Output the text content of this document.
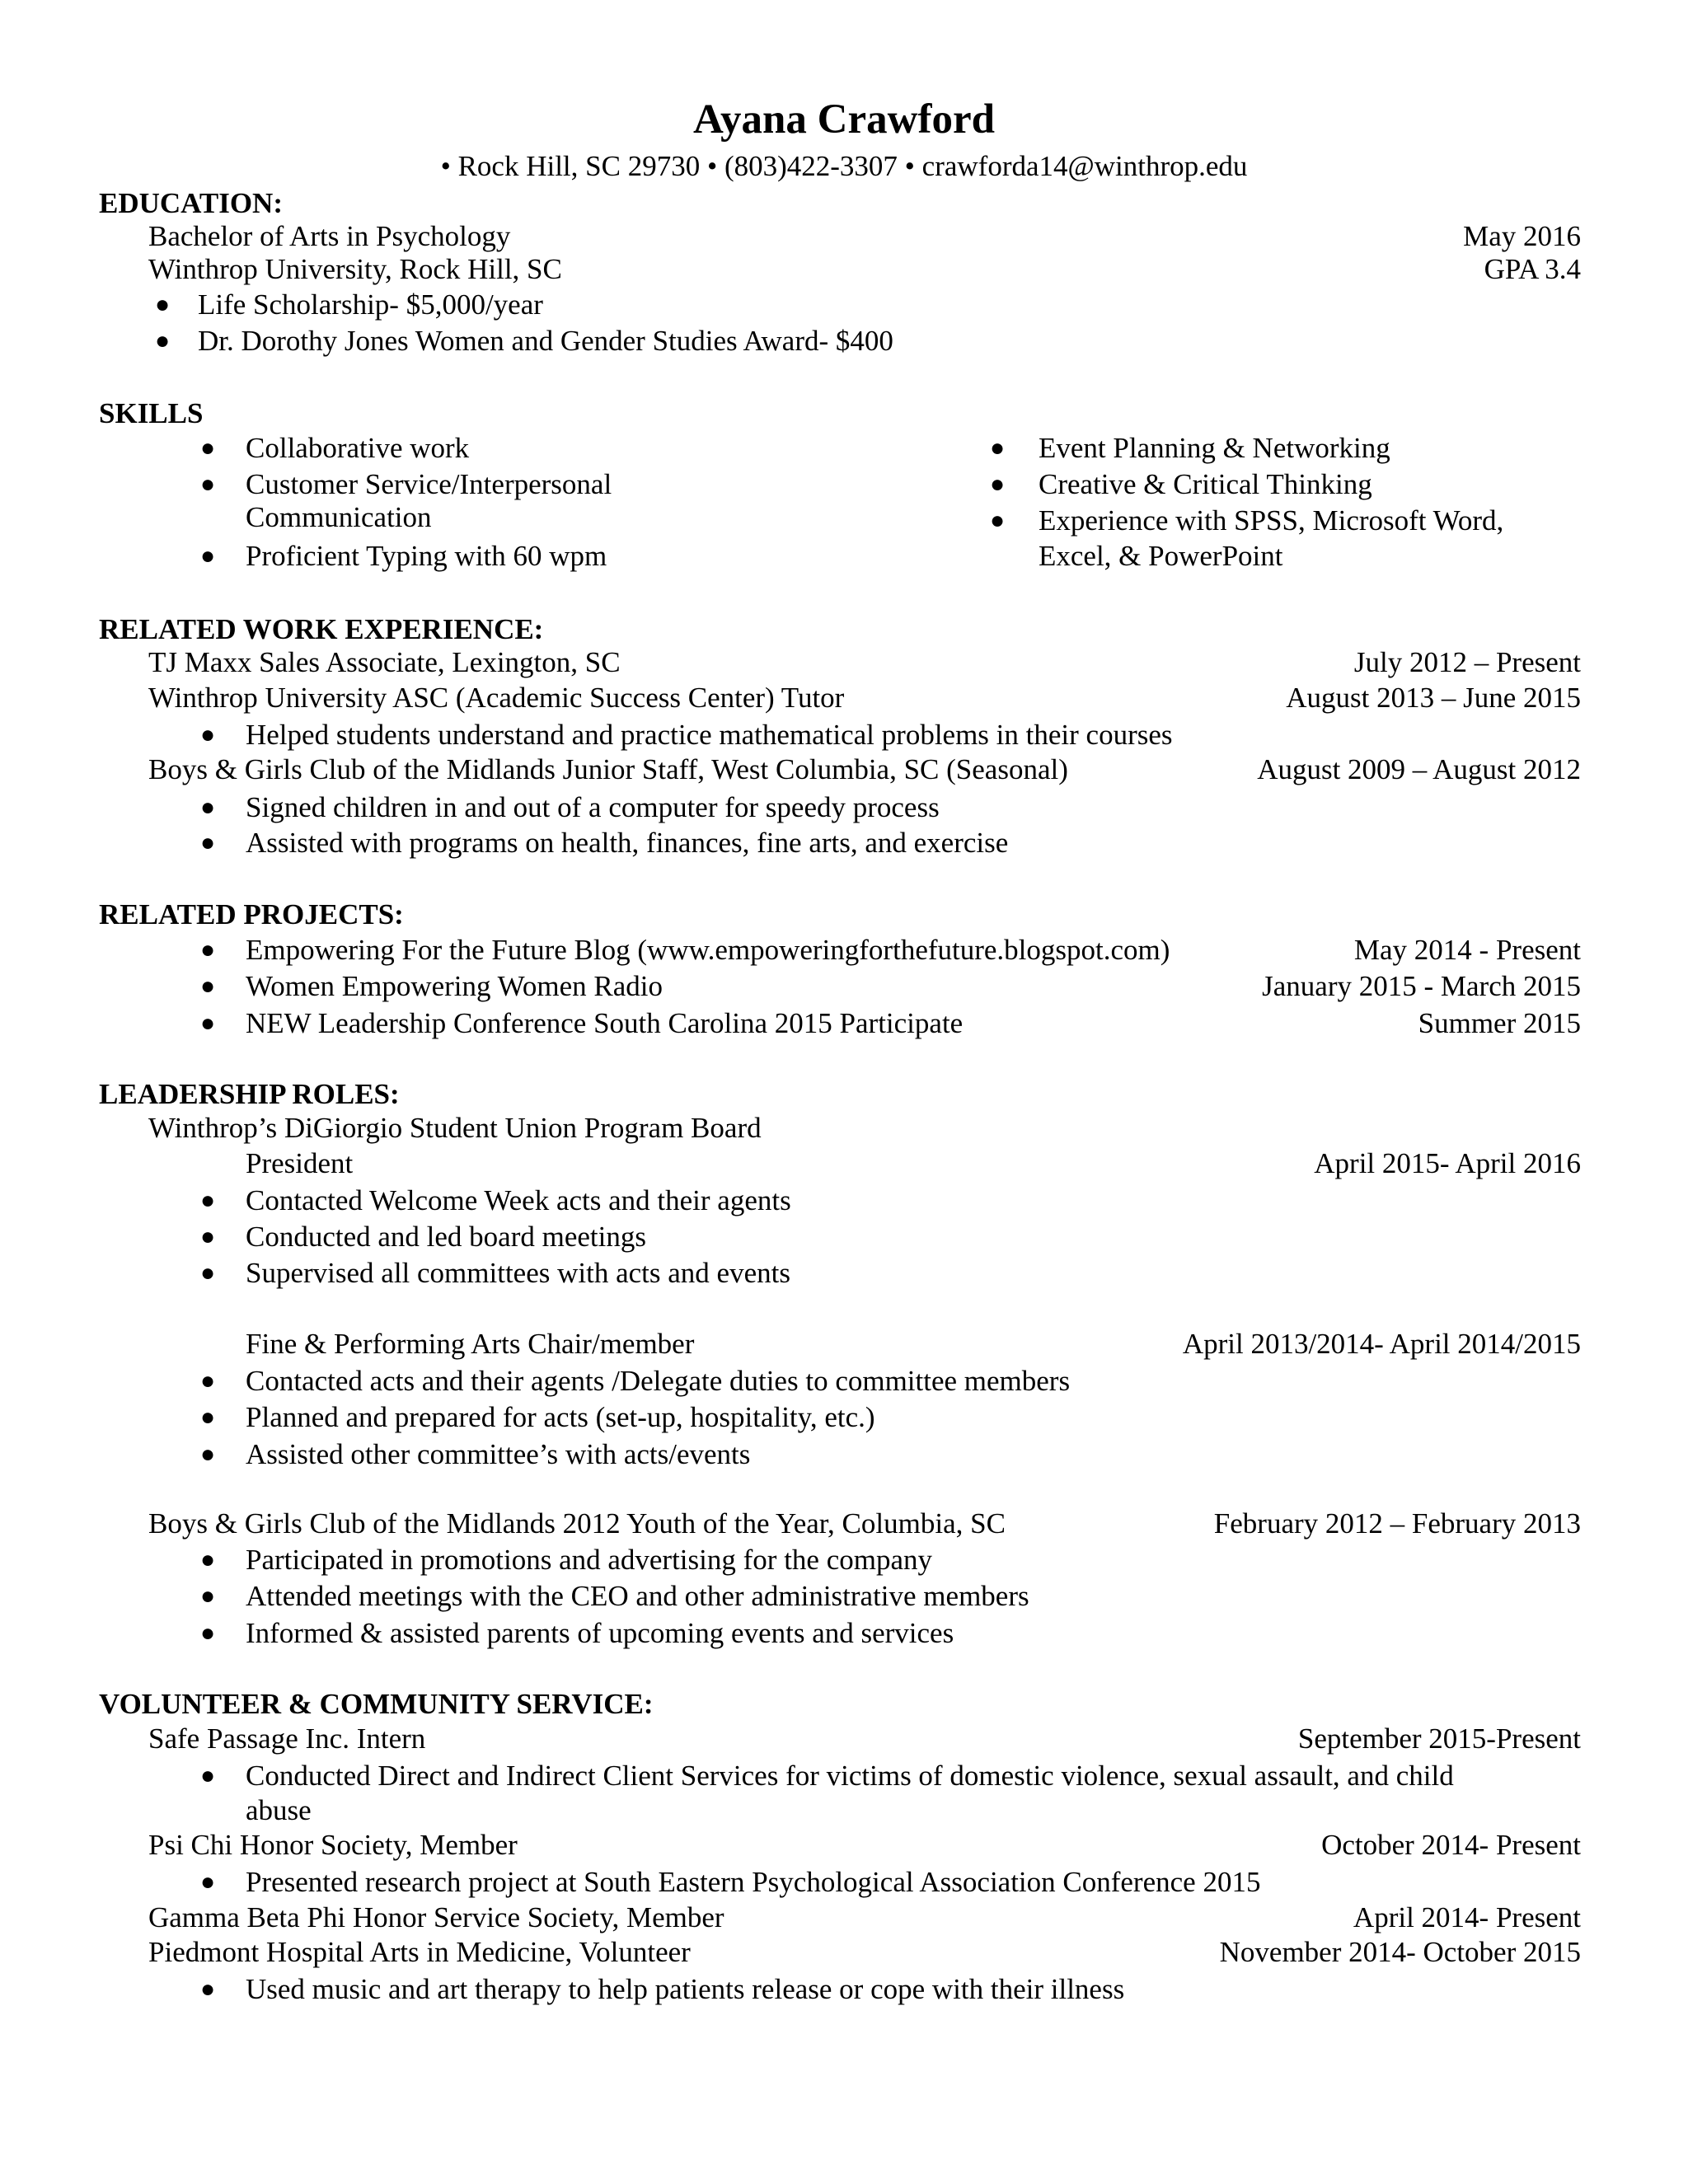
Ayana Crawford
• Rock Hill, SC 29730 • (803)422-3307 • crawforda14@winthrop.edu
EDUCATION:
Bachelor of Arts in Psychology	May 2016
Winthrop University, Rock Hill, SC	GPA 3.4
● Life Scholarship- $5,000/year
● Dr. Dorothy Jones Women and Gender Studies Award- $400
SKILLS
● Collaborative work
● Customer Service/Interpersonal
Communication
● Proficient Typing with 60 wpm
● Event Planning & Networking
● Creative & Critical Thinking
● Experience with SPSS, Microsoft Word,
Excel, & PowerPoint
RELATED WORK EXPERIENCE:
TJ Maxx Sales Associate, Lexington, SC	July 2012 – Present
Winthrop University ASC (Academic Success Center) Tutor	August 2013 – June 2015
● Helped students understand and practice mathematical problems in their courses
Boys & Girls Club of the Midlands Junior Staff, West Columbia, SC (Seasonal)	August 2009 – August 2012
● Signed children in and out of a computer for speedy process
● Assisted with programs on health, finances, fine arts, and exercise
RELATED PROJECTS:
● Empowering For the Future Blog (www.empoweringforthefuture.blogspot.com)	May 2014 - Present
● Women Empowering Women Radio	January 2015 - March 2015
● NEW Leadership Conference South Carolina 2015 Participate	Summer 2015
LEADERSHIP ROLES:
Winthrop’s DiGiorgio Student Union Program Board
President	April 2015- April 2016
● Contacted Welcome Week acts and their agents
● Conducted and led board meetings
● Supervised all committees with acts and events
Fine & Performing Arts Chair/member	April 2013/2014- April 2014/2015
● Contacted acts and their agents /Delegate duties to committee members
● Planned and prepared for acts (set-up, hospitality, etc.)
● Assisted other committee’s with acts/events
Boys & Girls Club of the Midlands 2012 Youth of the Year, Columbia, SC	February 2012 – February 2013
● Participated in promotions and advertising for the company
● Attended meetings with the CEO and other administrative members
● Informed & assisted parents of upcoming events and services
VOLUNTEER & COMMUNITY SERVICE:
Safe Passage Inc. Intern	September 2015-Present
● Conducted Direct and Indirect Client Services for victims of domestic violence, sexual assault, and child
abuse
Psi Chi Honor Society, Member	October 2014- Present
● Presented research project at South Eastern Psychological Association Conference 2015
Gamma Beta Phi Honor Service Society, Member	April 2014- Present
Piedmont Hospital Arts in Medicine, Volunteer	November 2014- October 2015
● Used music and art therapy to help patients release or cope with their illness
